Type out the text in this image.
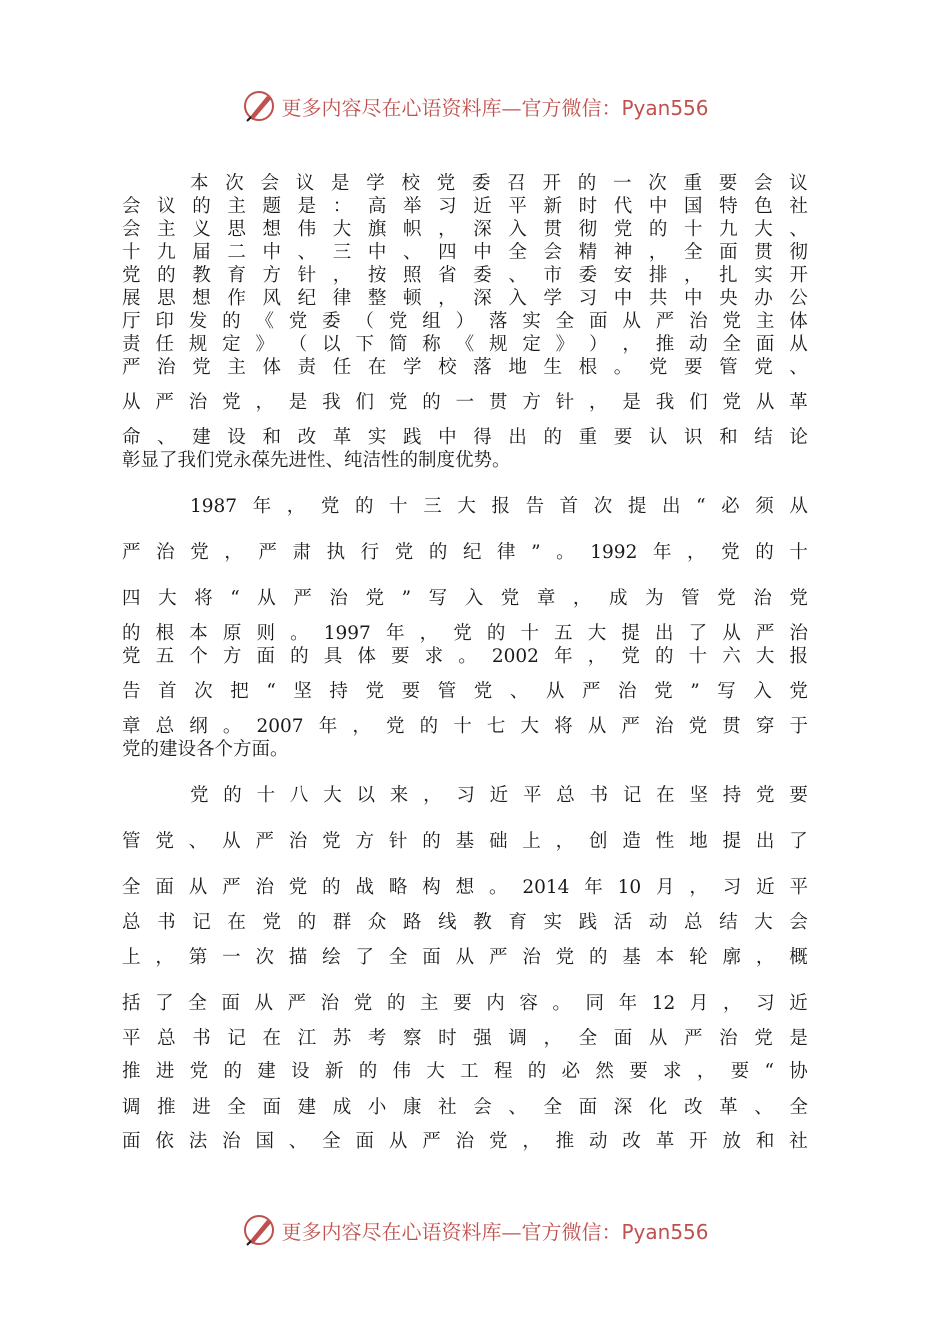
更多内容尽在心语资料库—官方微信：Pyan556
本 次 会 议 是 学 校 党 委 召 开 的 一 次 重 要 会 议
会 议 的 主 题 是 ： 高 举 习 近 平 新 时 代 中 国 特 色 社
会 主 义 思 想 伟 大 旗 帜 ， 深 入 贯 彻 党 的 十 九 大 、
十 九 届 二 中 、 三 中 、 四 中 全 会 精 神 ， 全 面 贯 彻
党 的 教 育 方 针 ， 按 照 省 委 、 市 委 安 排 ， 扎 实 开
展 思 想 作 风 纪 律 整 顿 ， 深 入 学 习 中 共 中 央 办 公
厅 印 发 的 《 党 委 （ 党 组 ） 落 实 全 面 从 严 治 党 主 体
责 任 规 定 》 （ 以 下 简 称 《 规 定 》 ） ， 推 动 全 面 从
严 治 党 主 体 责 任 在 学 校 落 地 生 根 。 党 要 管 党 、
从 严 治 党 ， 是 我 们 党 的 一 贯 方 针 ， 是 我 们 党 从 革
命 、 建 设 和 改 革 实 践 中 得 出 的 重 要 认 识 和 结 论
彰显了我们党永葆先进性、纯洁性的制度优势。
1987 年 ， 党 的 十 三 大 报 告 首 次 提 出 “ 必 须 从
严 治 党 ， 严 肃 执 行 党 的 纪 律 ” 。 1992 年 ， 党 的 十
四 大 将 “ 从 严 治 党 ” 写 入 党 章 ， 成 为 管 党 治 党
的 根 本 原 则 。 1997 年 ， 党 的 十 五 大 提 出 了 从 严 治
党 五 个 方 面 的 具 体 要 求 。 2002 年 ， 党 的 十 六 大 报
告 首 次 把 “ 坚 持 党 要 管 党 、 从 严 治 党 ” 写 入 党
章 总 纲 。 2007 年 ， 党 的 十 七 大 将 从 严 治 党 贯 穿 于
党的建设各个方面。
党 的 十 八 大 以 来 ， 习 近 平 总 书 记 在 坚 持 党 要
管 党 、 从 严 治 党 方 针 的 基 础 上 ， 创 造 性 地 提 出 了
全 面 从 严 治 党 的 战 略 构 想 。 2014 年 10 月 ， 习 近 平
总 书 记 在 党 的 群 众 路 线 教 育 实 践 活 动 总 结 大 会
上 ， 第 一 次 描 绘 了 全 面 从 严 治 党 的 基 本 轮 廓 ， 概
括 了 全 面 从 严 治 党 的 主 要 内 容 。 同 年 12 月 ， 习 近
平 总 书 记 在 江 苏 考 察 时 强 调 ， 全 面 从 严 治 党 是
推 进 党 的 建 设 新 的 伟 大 工 程 的 必 然 要 求 ， 要 “ 协
调 推 进 全 面 建 成 小 康 社 会 、 全 面 深 化 改 革 、 全
面 依 法 治 国 、 全 面 从 严 治 党 ， 推 动 改 革 开 放 和 社
更多内容尽在心语资料库—官方微信：Pyan556
